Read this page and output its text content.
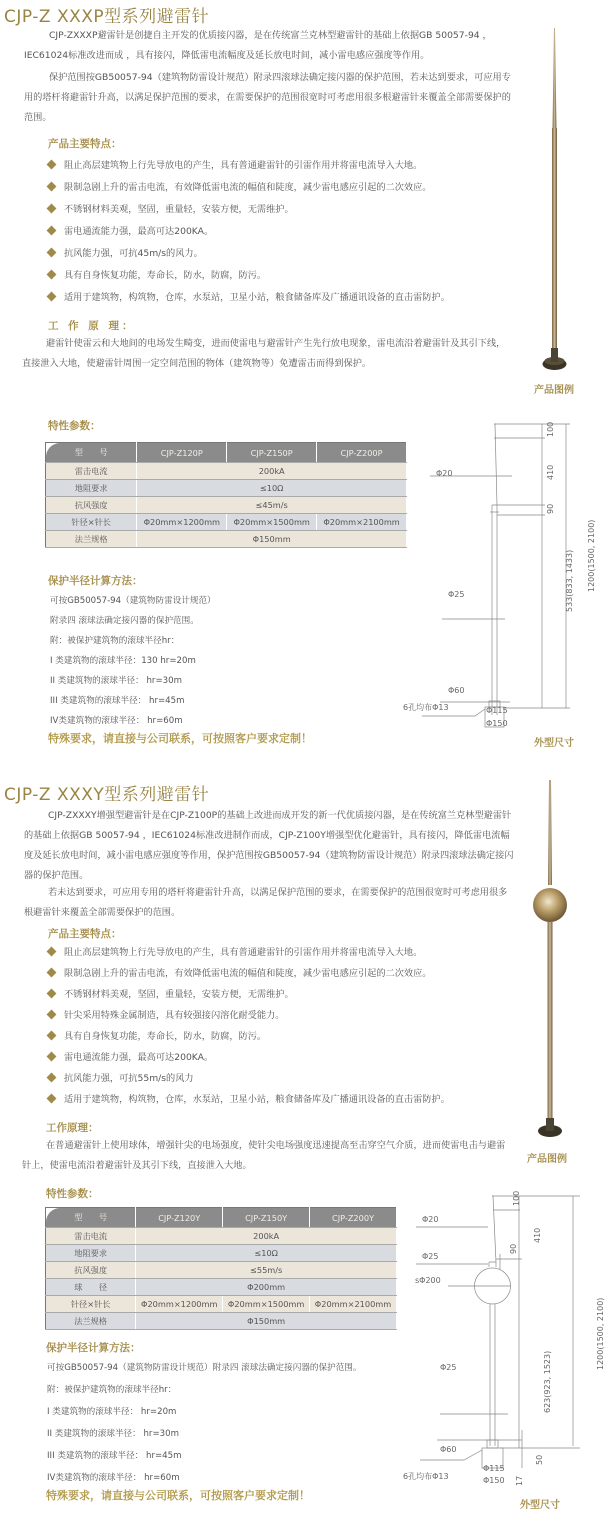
CJP-Z XXXP型系列避雷针
CJP-ZXXXP避雷针是创捷自主开发的优质接闪器，是在传统富兰克林型避雷针的基础上依据GB 50057-94 ，IEC61024标准改进而成 ，具有接闪，降低雷电流幅度及延长放电时间，减小雷电感应强度等作用。
保护范围按GB50057-94（建筑物防雷设计规范）附录四滚球法确定接闪器的保护范围，若未达到要求，可应用专用的塔杆将避雷针升高，以满足保护范围的要求，在需要保护的范围很宽时可考虑用很多根避雷针来覆盖全部需要保护的范围。
产品主要特点：
阻止高层建筑物上行先导放电的产生，具有普通避雷针的引雷作用并将雷电流导入大地。
限制急剧上升的雷击电流，有效降低雷电流的幅值和陡度，减少雷电感应引起的二次效应。
不锈钢材料美观，坚固，重量轻，安装方便，无需维护。
雷电通流能力强，最高可达200KA。
抗风能力强，可抗45m/s的风力。
具有自身恢复功能，寿命长，防水，防腐，防污。
适用于建筑物，构筑物，仓库，水泵站，卫星小站，粮食储备库及广播通讯设备的直击雷防护。
工 作 原 理：
避雷针使雷云和大地间的电场发生畸变，进而使雷电与避雷针产生先行放电现象，雷电流沿着避雷针及其引下线，直接泄入大地，使避雷针周围一定空间范围的物体（建筑物等）免遭雷击而得到保护。
产品图例
特性参数：
型　　号	CJP-Z120P	CJP-Z150P	CJP-Z200P
雷击电流	200kA		
地阻要求	≤10Ω		
抗风强度	≤45m/s		
针径×针长	Φ20mm×1200mm	Φ20mm×1500mm	Φ20mm×2100mm
法兰规格	Φ150mm		
保护半径计算方法：
可按GB50057-94（建筑物防雷设计规范）
附录四 滚球法确定接闪器的保护范围。
附：被保护建筑物的滚球半径hr：
I 类建筑物的滚球半径：130 hr=20m
II 类建筑物的滚球半径： hr=30m
III 类建筑物的滚球半径： hr=45m
IV类建筑物的滚球半径： hr=60m
特殊要求，请直接与公司联系，可按照客户要求定制！
Φ20
100
410
90
533(833, 1433) 1200(1500, 2100)
Φ25
Φ60
6孔均布Φ13	Φ115
Φ150
外型尺寸
CJP-Z XXXY型系列避雷针
CJP-ZXXXY增强型避雷针是在CJP-Z100P的基础上改进而成开发的新一代优质接闪器，是在传统富兰克林型避雷针的基础上依据GB 50057-94 ，IEC61024标准改进制作而成，CJP-Z100Y增强型优化避雷针，具有接闪，降低雷电流幅度及延长放电时间，减小雷电感应强度等作用，保护范围按GB50057-94（建筑物防雷设计规范）附录四滚球法确定接闪器的保护范围。
若未达到要求，可应用专用的塔杆将避雷针升高，以满足保护范围的要求，在需要保护的范围很宽时可考虑用很多根避雷针来覆盖全部需要保护的范围。
产品主要特点：
阻止高层建筑物上行先导放电的产生，具有普通避雷针的引雷作用并将雷电流导入大地。
限制急剧上升的雷击电流，有效降低雷电流的幅值和陡度，减少雷电感应引起的二次效应。
不锈钢材料美观，坚固，重量轻，安装方便，无需维护。
针尖采用特殊金属制造，具有较强接闪溶化耐受能力。
具有自身恢复功能，寿命长，防水，防腐，防污。
雷电通流能力强，最高可达200KA。
抗风能力强，可抗55m/s的风力
适用于建筑物，构筑物，仓库，水泵站，卫星小站，粮食储备库及广播通讯设备的直击雷防护。
工作原理：
在普通避雷针上使用球体，增强针尖的电场强度，使针尖电场强度迅速提高至击穿空气介质，进而使雷电击与避雷针上，使雷电流沿着避雷针及其引下线，直接泄入大地。
产品图例
特性参数：
型　　号	CJP-Z120Y	CJP-Z150Y	CJP-Z200Y
雷击电流	200kA		
地阻要求	≤10Ω		
抗风强度	≤55m/s		
球　　径	Φ200mm		
针径×针长	Φ20mm×1200mm	Φ20mm×1500mm	Φ20mm×2100mm
法兰规格	Φ150mm		
保护半径计算方法：
可按GB50057-94（建筑物防雷设计规范）附录四 滚球法确定接闪器的保护范围。
附：被保护建筑物的滚球半径hr：
I 类建筑物的滚球半径： hr=20m
II 类建筑物的滚球半径： hr=30m
III 类建筑物的滚球半径： hr=45m
IV类建筑物的滚球半径： hr=60m
特殊要求，请直接与公司联系，可按照客户要求定制！
Φ20
Φ25
sΦ200
100
410
90
623(923, 1523)
1200(1500, 2100)
Φ25
Φ60
50
6孔均布Φ13
Φ115
Φ150 17
外型尺寸
